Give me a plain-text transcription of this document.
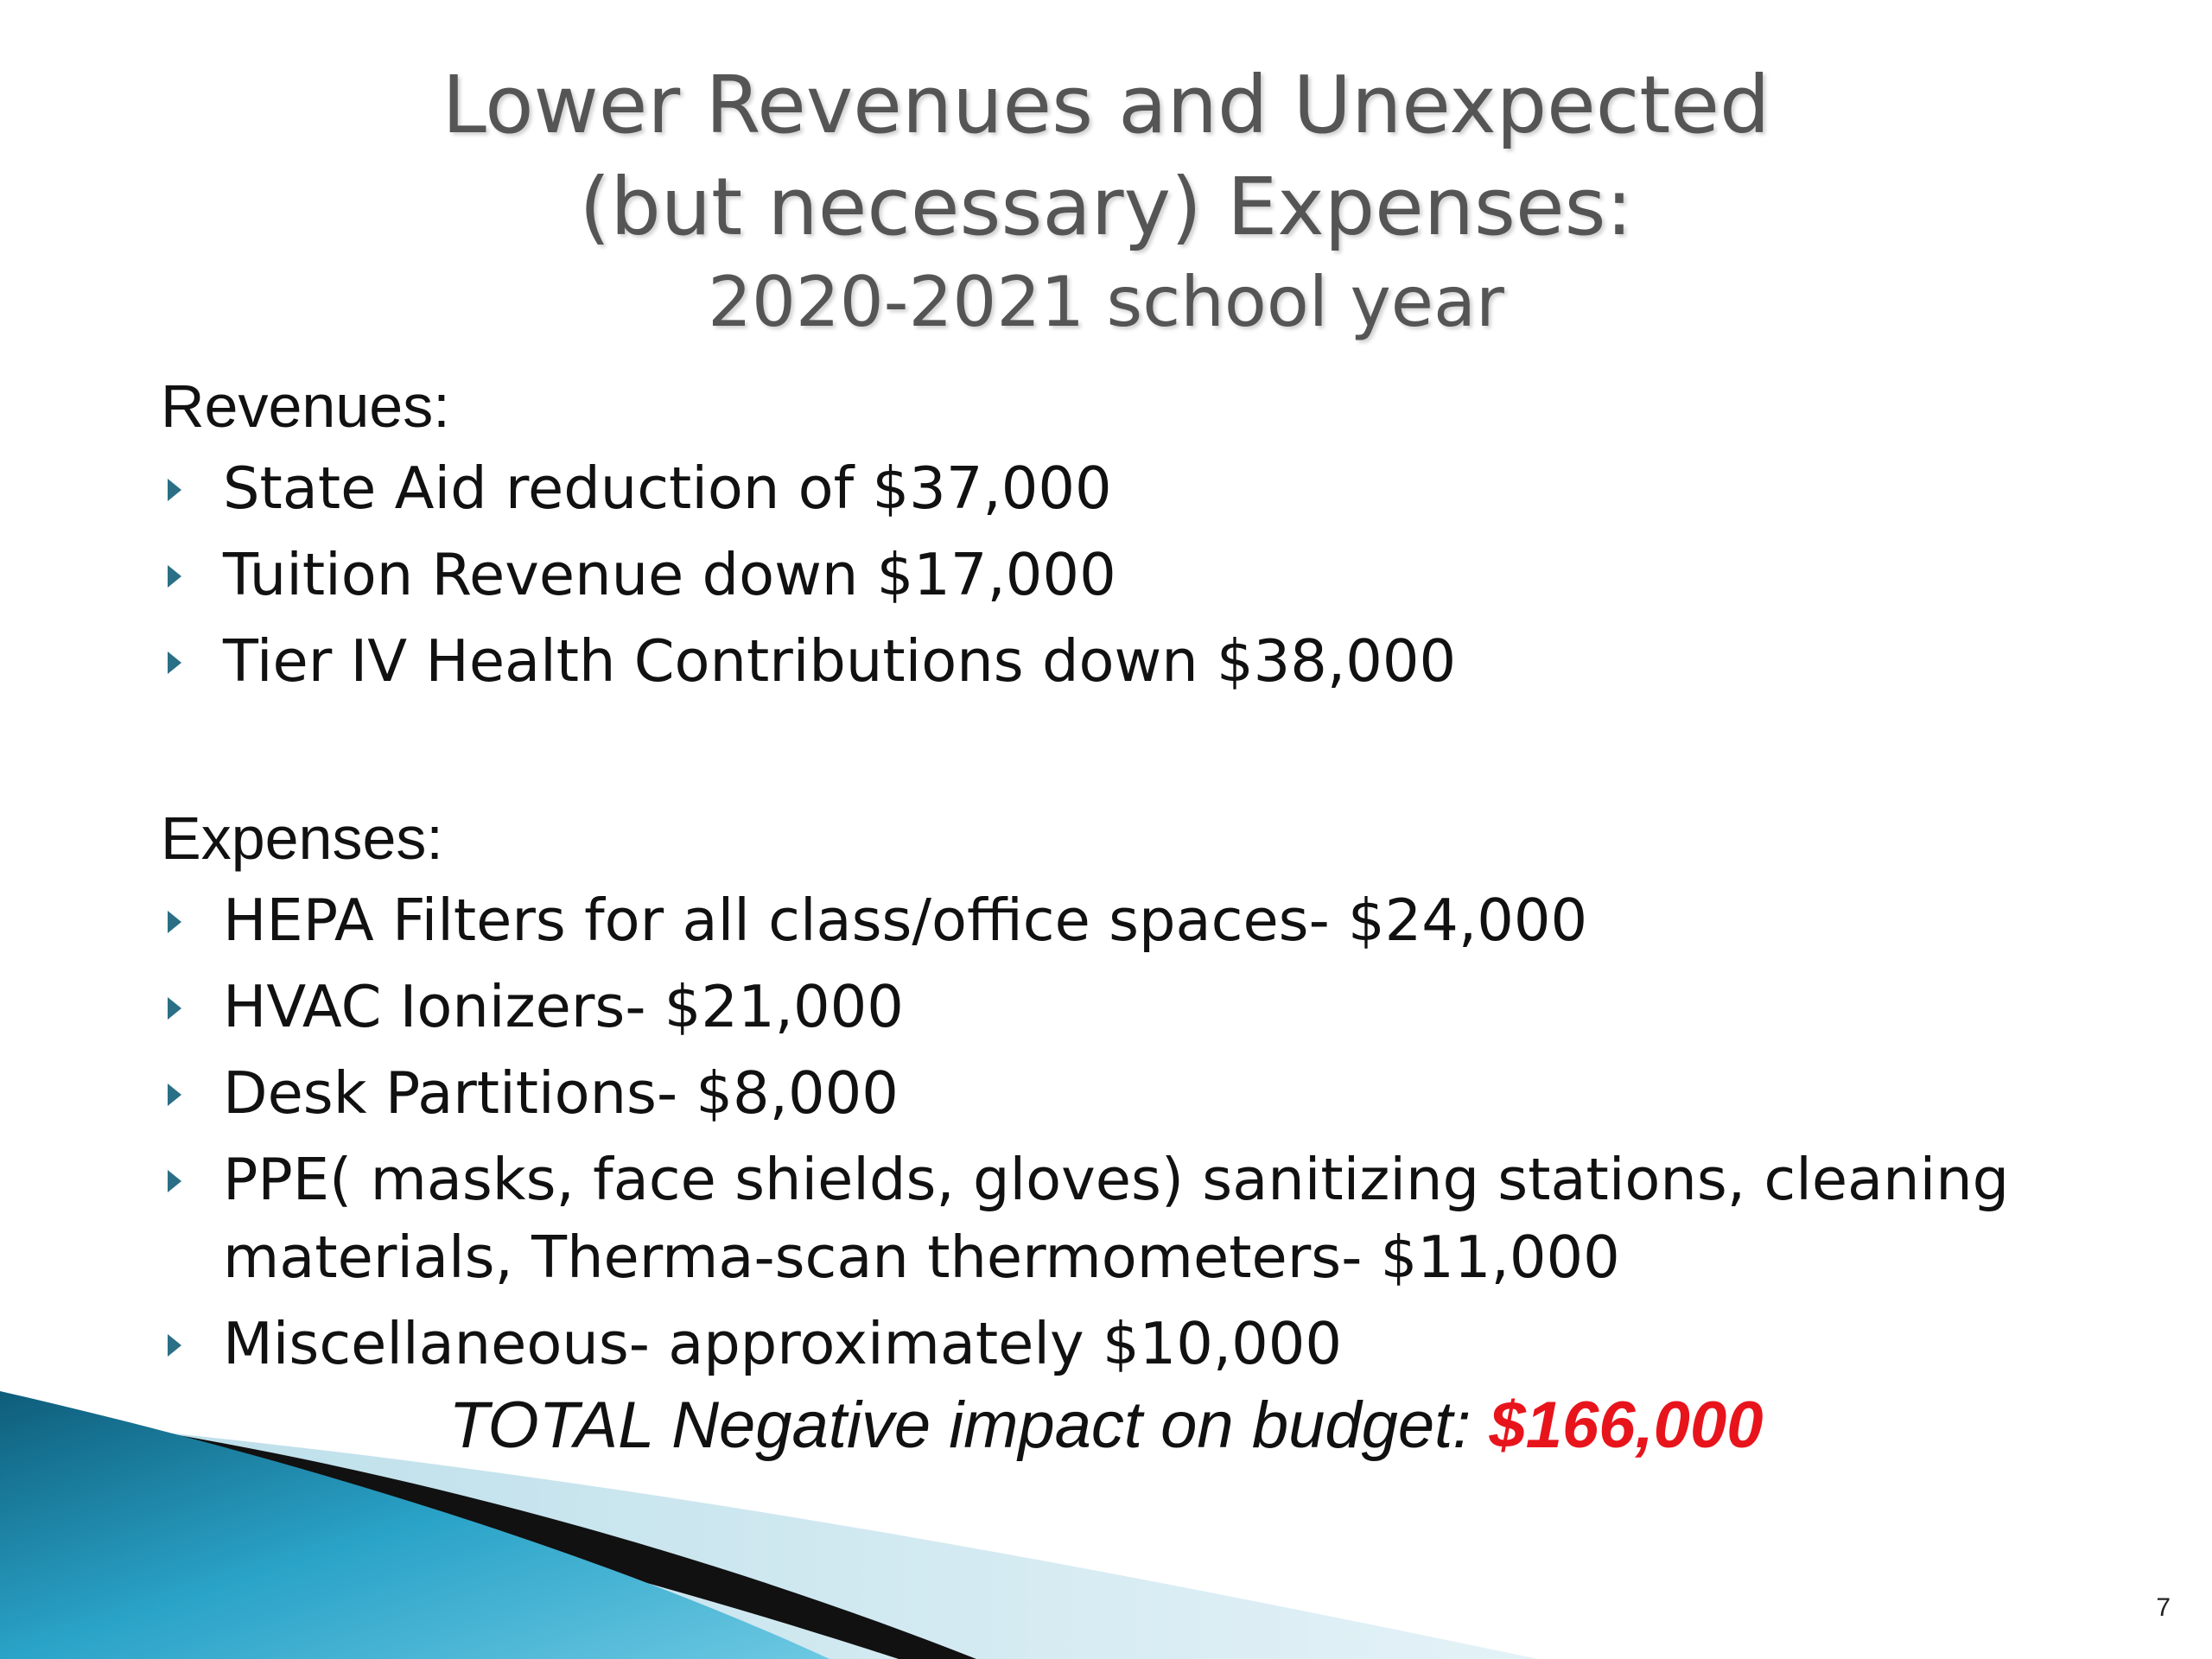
Lower Revenues and Unexpected
(but necessary) Expenses:
2020-2021 school year
Revenues:
State Aid reduction of $37,000
Tuition Revenue down $17,000
Tier IV Health Contributions down $38,000
Expenses:
HEPA Filters for all class/office spaces- $24,000
HVAC Ionizers- $21,000
Desk Partitions- $8,000
PPE( masks, face shields, gloves) sanitizing stations, cleaning materials, Therma-scan thermometers- $11,000
Miscellaneous- approximately $10,000
TOTAL Negative impact on budget: $166,000
7
